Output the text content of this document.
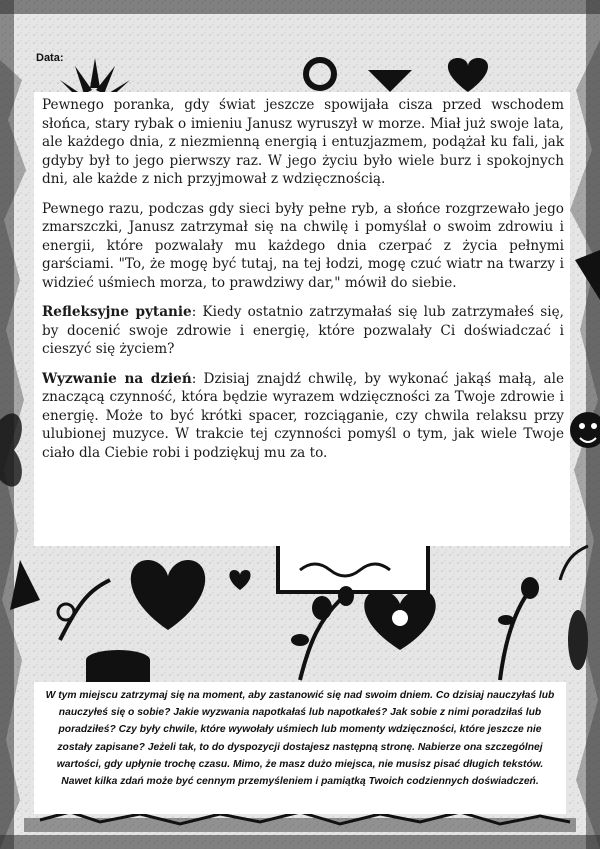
Data:

Pewnego poranka, gdy świat jeszcze spowijała cisza przed wschodem słońca, stary rybak o imieniu Janusz wyruszył w morze. Miał już swoje lata, ale każdego dnia, z niezmienną energią i entuzjazmem, podążał ku fali, jak gdyby był to jego pierwszy raz. W jego życiu było wiele burz i spokojnych dni, ale każde z nich przyjmował z wdzięcznością.

Pewnego razu, podczas gdy sieci były pełne ryb, a słońce rozgrzewało jego zmarszczki, Janusz zatrzymał się na chwilę i pomyślał o swoim zdrowiu i energii, które pozwalały mu każdego dnia czerpać z życia pełnymi garściami. "To, że mogę być tutaj, na tej łodzi, mogę czuć wiatr na twarzy i widzieć uśmiech morza, to prawdziwy dar," mówił do siebie.

Refleksyjne pytanie: Kiedy ostatnio zatrzymałaś się lub zatrzymałeś się, by docenić swoje zdrowie i energię, które pozwalały Ci doświadczać i cieszyć się życiem?

Wyzwanie na dzień: Dzisiaj znajdź chwilę, by wykonać jakąś małą, ale znaczącą czynność, która będzie wyrazem wdzięczności za Twoje zdrowie i energię. Może to być krótki spacer, rozciąganie, czy chwila relaksu przy ulubionej muzyce. W trakcie tej czynności pomyśl o tym, jak wiele Twoje ciało dla Ciebie robi i podziękuj mu za to.

W tym miejscu zatrzymaj się na moment, aby zastanowić się nad swoim dniem. Co dzisiaj nauczyłaś lub nauczyłeś się o sobie? Jakie wyzwania napotkałaś lub napotkałeś? Jak sobie z nimi poradziłaś lub poradziłeś? Czy były chwile, które wywołały uśmiech lub momenty wdzięczności, które jeszcze nie zostały zapisane? Jeżeli tak, to do dyspozycji dostajesz następną stronę. Nabierze ona szczególnej wartości, gdy upłynie trochę czasu. Mimo, że masz dużo miejsca, nie musisz pisać długich tekstów. Nawet kilka zdań może być cennym przemyśleniem i pamiątką Twoich codziennych doświadczeń.
